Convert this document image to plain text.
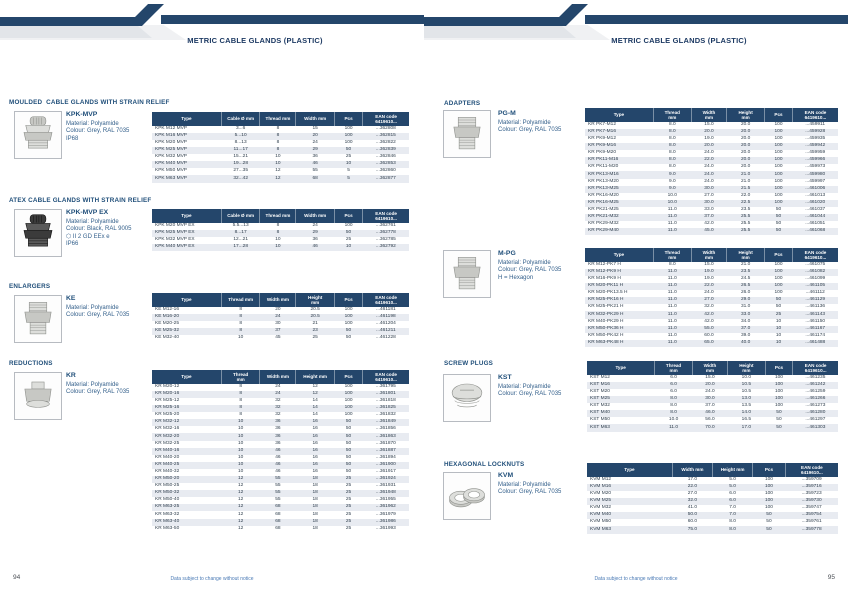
METRIC CABLE GLANDS (PLASTIC)
MOULDED  CABLE GLANDS WITH STRAIN RELIEF
KPK-MVP
Material: Polyamide
Colour: Grey, RAL 7035
IP68
Type	Cable Ø mm	Thread mm	Width mm	Pcs	EAN code
6419610...
KPK M12 MVP	3...6	8	15	100	...362808
KPK M16 MVP	5...10	8	20	100	...362815
KPK M20 MVP	8...13	8	24	100	...362822
KPK M25 MVP	11...17	8	29	50	...362839
KPK M32 MVP	15...21	10	36	25	...362846
KPK M40 MVP	19...28	10	46	10	...362853
KPK M50 MVP	27...35	12	55	5	...362860
KPK M63 MVP	32...42	12	68	5	...362877
ATEX CABLE GLANDS WITH STRAIN RELIEF
KPK-MVP EX
Material: Polyamide
Colour: Black, RAL 9005
⬡ II 2 GD EEx e
IP66
Type	Cable Ø mm	Thread mm	Width mm	Pcs	EAN code
6419610...
KPK M20 MVP EX	5.5...13	8	24	100	...362761
KPK M25 MVP EX	8...17	8	29	50	...362778
KPK M32 MVP EX	12...21	10	36	25	...362785
KPK M40 MVP EX	17...28	10	46	10	...362792
ENLARGERS
KE
Material: Polyamide
Colour: Grey, RAL 7035
Type	Thread mm	Width mm	Height
mm	Pcs	EAN code
6419610...
KE M12-16	8	20	20.5	100	...461181
KE M16-20	8	24	20.5	100	...461198
KE M20-25	8	30	21	100	...461204
KE M25-32	8	37	23	50	...461211
KE M32-40	10	45	25	50	...461228
REDUCTIONS
KR
Material: Polyamide
Colour: Grey, RAL 7035
Type	Thread
mm	Width mm	Height mm	Pcs	EAN code
6419610...
KR M20-12	8	24	12	100	...361795
KR M20-16	8	24	12	100	...361801
KR M25-12	8	32	14	100	...361818
KR M25-16	8	32	14	100	...361825
KR M25-20	8	32	14	100	...361832
KR M32-12	10	36	16	50	...361849
KR M32-16	10	36	16	50	...361856
KR M32-20	10	36	16	50	...361863
KR M32-25	10	36	16	50	...361870
KR M40-16	10	46	16	50	...361887
KR M40-20	10	46	16	50	...361894
KR M40-25	10	46	16	50	...361900
KR M40-32	10	46	16	50	...361917
KR M50-20	12	55	18	25	...361924
KR M50-25	12	55	18	25	...361931
KR M50-32	12	55	18	25	...361948
KR M50-40	12	55	18	25	...361955
KR M63-25	12	68	18	25	...361962
KR M63-32	12	68	18	25	...361979
KR M63-40	12	68	18	25	...361986
KR M63-50	12	68	18	25	...361993
Data subject to change without notice
94
METRIC CABLE GLANDS (PLASTIC)
ADAPTERS
PG-M
Material: Polyamide
Colour: Grey, RAL 7035
Type	Thread
mm	Width
mm	Height
mm	Pcs	EAN code
6419610...
KR PK7-M12	8.0	15.0	20.0	100	...459911
KR PK7-M16	8.0	20.0	20.0	100	...459928
KR PK9-M12	8.0	19.0	20.0	100	...459935
KR PK9-M16	8.0	20.0	20.0	100	...459942
KR PK9-M20	8.0	24.0	20.0	100	...459959
KR PK11-M16	8.0	22.0	20.0	100	...459966
KR PK11-M20	8.0	24.0	20.0	100	...459973
KR PK13-M16	9.0	24.0	21.0	100	...459980
KR PK13-M20	9.0	24.0	21.0	100	...459997
KR PK13-M25	9.0	30.0	21.5	100	...461006
KR PK16-M20	10.0	27.0	22.0	100	...461013
KR PK16-M25	10.0	30.0	22.5	100	...461020
KR PK21-M25	11.0	33.0	23.5	50	...461037
KR PK21-M32	11.0	37.0	25.5	50	...461044
KR PK29-M32	11.0	42.0	25.5	50	...461051
KR PK29-M40	11.0	45.0	25.5	50	...461068
M-PG
Material: Polyamide
Colour: Grey, RAL 7035
H = Hexagon
Type	Thread
mm	Width
mm	Height
mm	Pcs	EAN code
6419610...
KR M12-PK7 H	8.0	15.0	21.0	100	...461075
KR M12-PK9 H	11.0	19.0	23.5	100	...461082
KR M16-PK9 H	11.0	19.0	24.5	100	...461099
KR M20-PK11 H	11.0	22.0	26.5	100	...461105
KR M20-PK13.5 H	11.0	24.0	26.0	100	...461112
KR M25-PK16 H	11.0	27.0	29.0	50	...461129
KR M25-PK21 H	11.0	32.0	31.0	50	...461136
KR M32-PK29 H	11.0	42.0	33.0	25	...461143
KR M40-PK29 H	11.0	42.0	34.0	10	...461150
KR M50-PK36 H	11.0	55.0	37.0	10	...461167
KR M50-PK42 H	11.0	60.0	39.0	10	...461174
KR M63-PK48 H	11.0	65.0	40.0	10	...461488
SCREW PLUGS
KST
Material: Polyamide
Colour: Grey, RAL 7035
Type	Thread
mm	Width
mm	Height
mm	Pcs	EAN code
6419610...
KST M12	6.0	15.0	10.0	100	...461235
KST M16	6.0	20.0	10.5	100	...461242
KST M20	6.0	24.0	10.5	100	...461259
KST M25	8.0	30.0	13.0	100	...461266
KST M32	8.0	37.0	13.5	100	...461273
KST M40	8.0	46.0	14.0	50	...461280
KST M50	10.0	56.0	16.5	50	...461297
KST M63	11.0	70.0	17.0	50	...461303
HEXAGONAL LOCKNUTS
KVM
Material: Polyamide
Colour: Grey, RAL 7035
Type	Width mm	Height mm	Pcs	EAN code
6419610...
KVM M12	17.0	5.0	100	...359709
KVM M16	22.0	5.0	100	...359716
KVM M20	27.0	6.0	100	...359723
KVM M25	32.0	6.0	100	...359730
KVM M32	41.0	7.0	100	...359747
KVM M40	50.0	7.0	50	...359754
KVM M50	60.0	8.0	50	...359761
KVM M63	75.0	8.0	50	...359778
Data subject to change without notice	95
